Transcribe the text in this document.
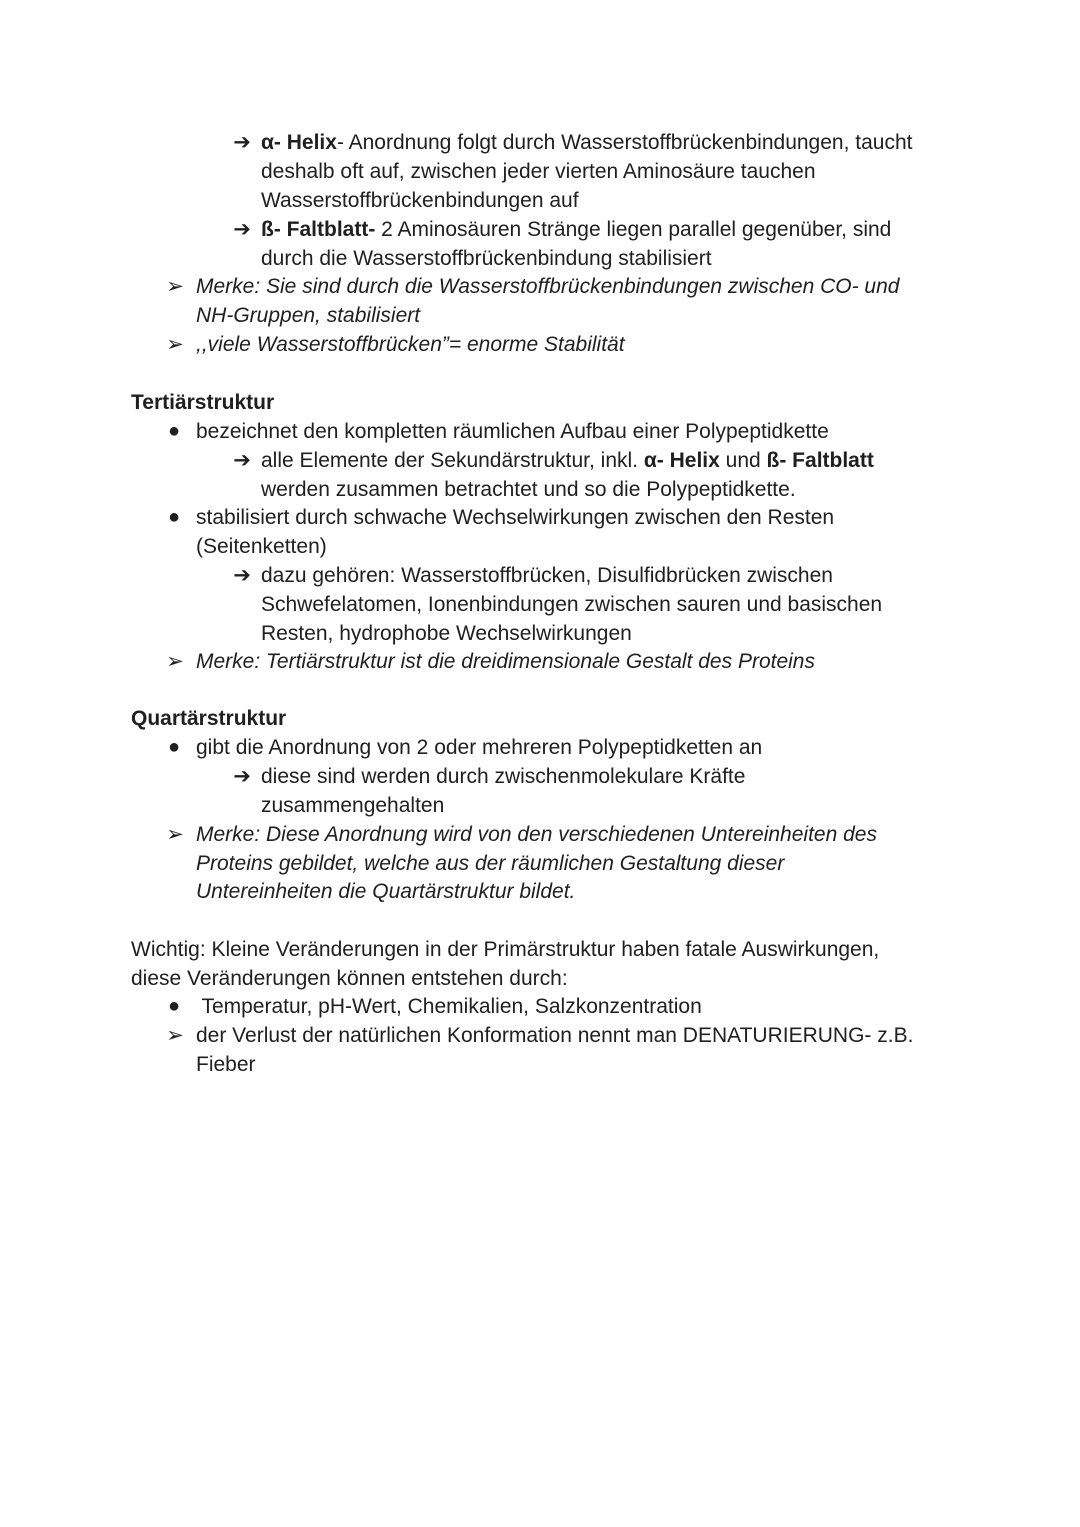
➔ α- Helix- Anordnung folgt durch Wasserstoffbrückenbindungen, taucht
deshalb oft auf, zwischen jeder vierten Aminosäure tauchen
Wasserstoffbrückenbindungen auf
➔ ß- Faltblatt- 2 Aminosäuren Stränge liegen parallel gegenüber, sind
durch die Wasserstoffbrückenbindung stabilisiert
➢ Merke: Sie sind durch die Wasserstoffbrückenbindungen zwischen CO- und
NH-Gruppen, stabilisiert
➢ ,,viele Wasserstoffbrücken”= enorme Stabilität
Tertiärstruktur
● bezeichnet den kompletten räumlichen Aufbau einer Polypeptidkette
➔ alle Elemente der Sekundärstruktur, inkl. α- Helix und ß- Faltblatt
werden zusammen betrachtet und so die Polypeptidkette.
● stabilisiert durch schwache Wechselwirkungen zwischen den Resten
(Seitenketten)
➔ dazu gehören: Wasserstoffbrücken, Disulfidbrücken zwischen
Schwefelatomen, Ionenbindungen zwischen sauren und basischen
Resten, hydrophobe Wechselwirkungen
➢ Merke: Tertiärstruktur ist die dreidimensionale Gestalt des Proteins
Quartärstruktur
● gibt die Anordnung von 2 oder mehreren Polypeptidketten an
➔ diese sind werden durch zwischenmolekulare Kräfte
zusammengehalten
➢ Merke: Diese Anordnung wird von den verschiedenen Untereinheiten des
Proteins gebildet, welche aus der räumlichen Gestaltung dieser
Untereinheiten die Quartärstruktur bildet.
Wichtig: Kleine Veränderungen in der Primärstruktur haben fatale Auswirkungen,
diese Veränderungen können entstehen durch:
● Temperatur, pH-Wert, Chemikalien, Salzkonzentration
➢ der Verlust der natürlichen Konformation nennt man DENATURIERUNG- z.B.
Fieber
